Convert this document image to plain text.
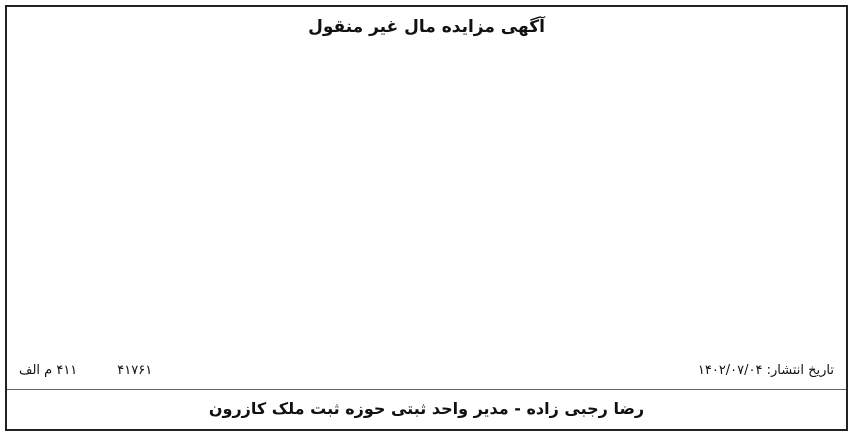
آگهی مزایده مال غیر منقول
تاریخ انتشار: ۱۴۰۲/۰۷/۰۴
۴۱۷۶۱
۴۱۱ م الف
رضا رجبی زاده - مدیر واحد ثبتی حوزه ثبت ملک کازرون
